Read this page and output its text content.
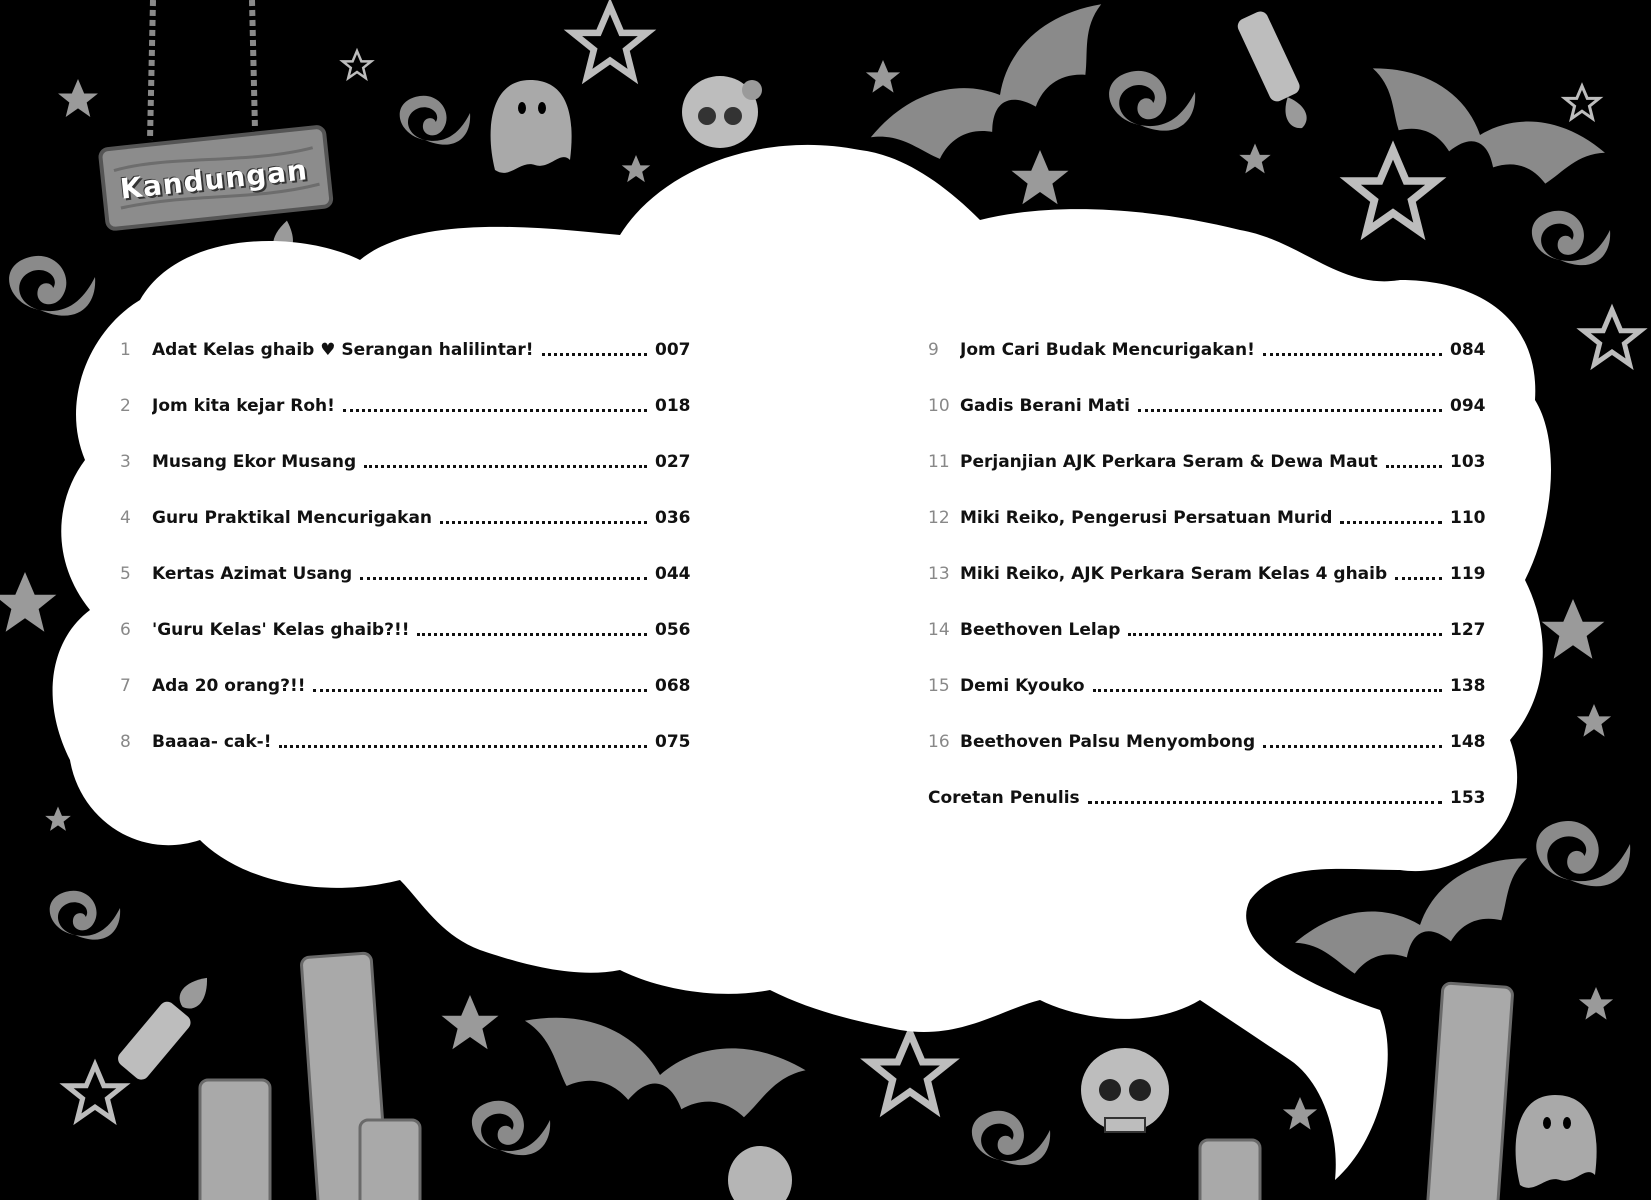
Kandungan
1	Adat Kelas ghaib ♥ Serangan halilintar!	007
2	Jom kita kejar Roh!	018
3	Musang Ekor Musang	027
4	Guru Praktikal Mencurigakan	036
5	Kertas Azimat Usang	044
6	'Guru Kelas' Kelas ghaib?!!	056
7	Ada 20 orang?!!	068
8	Baaaa- cak-!	075
9	Jom Cari Budak Mencurigakan!	084
10 Gadis Berani Mati	094
11 Perjanjian AJK Perkara Seram & Dewa Maut	103
12 Miki Reiko, Pengerusi Persatuan Murid	110
13 Miki Reiko, AJK Perkara Seram Kelas 4 ghaib	119
14 Beethoven Lelap	127
15 Demi Kyouko	138
16 Beethoven Palsu Menyombong	148
Coretan Penulis	153
